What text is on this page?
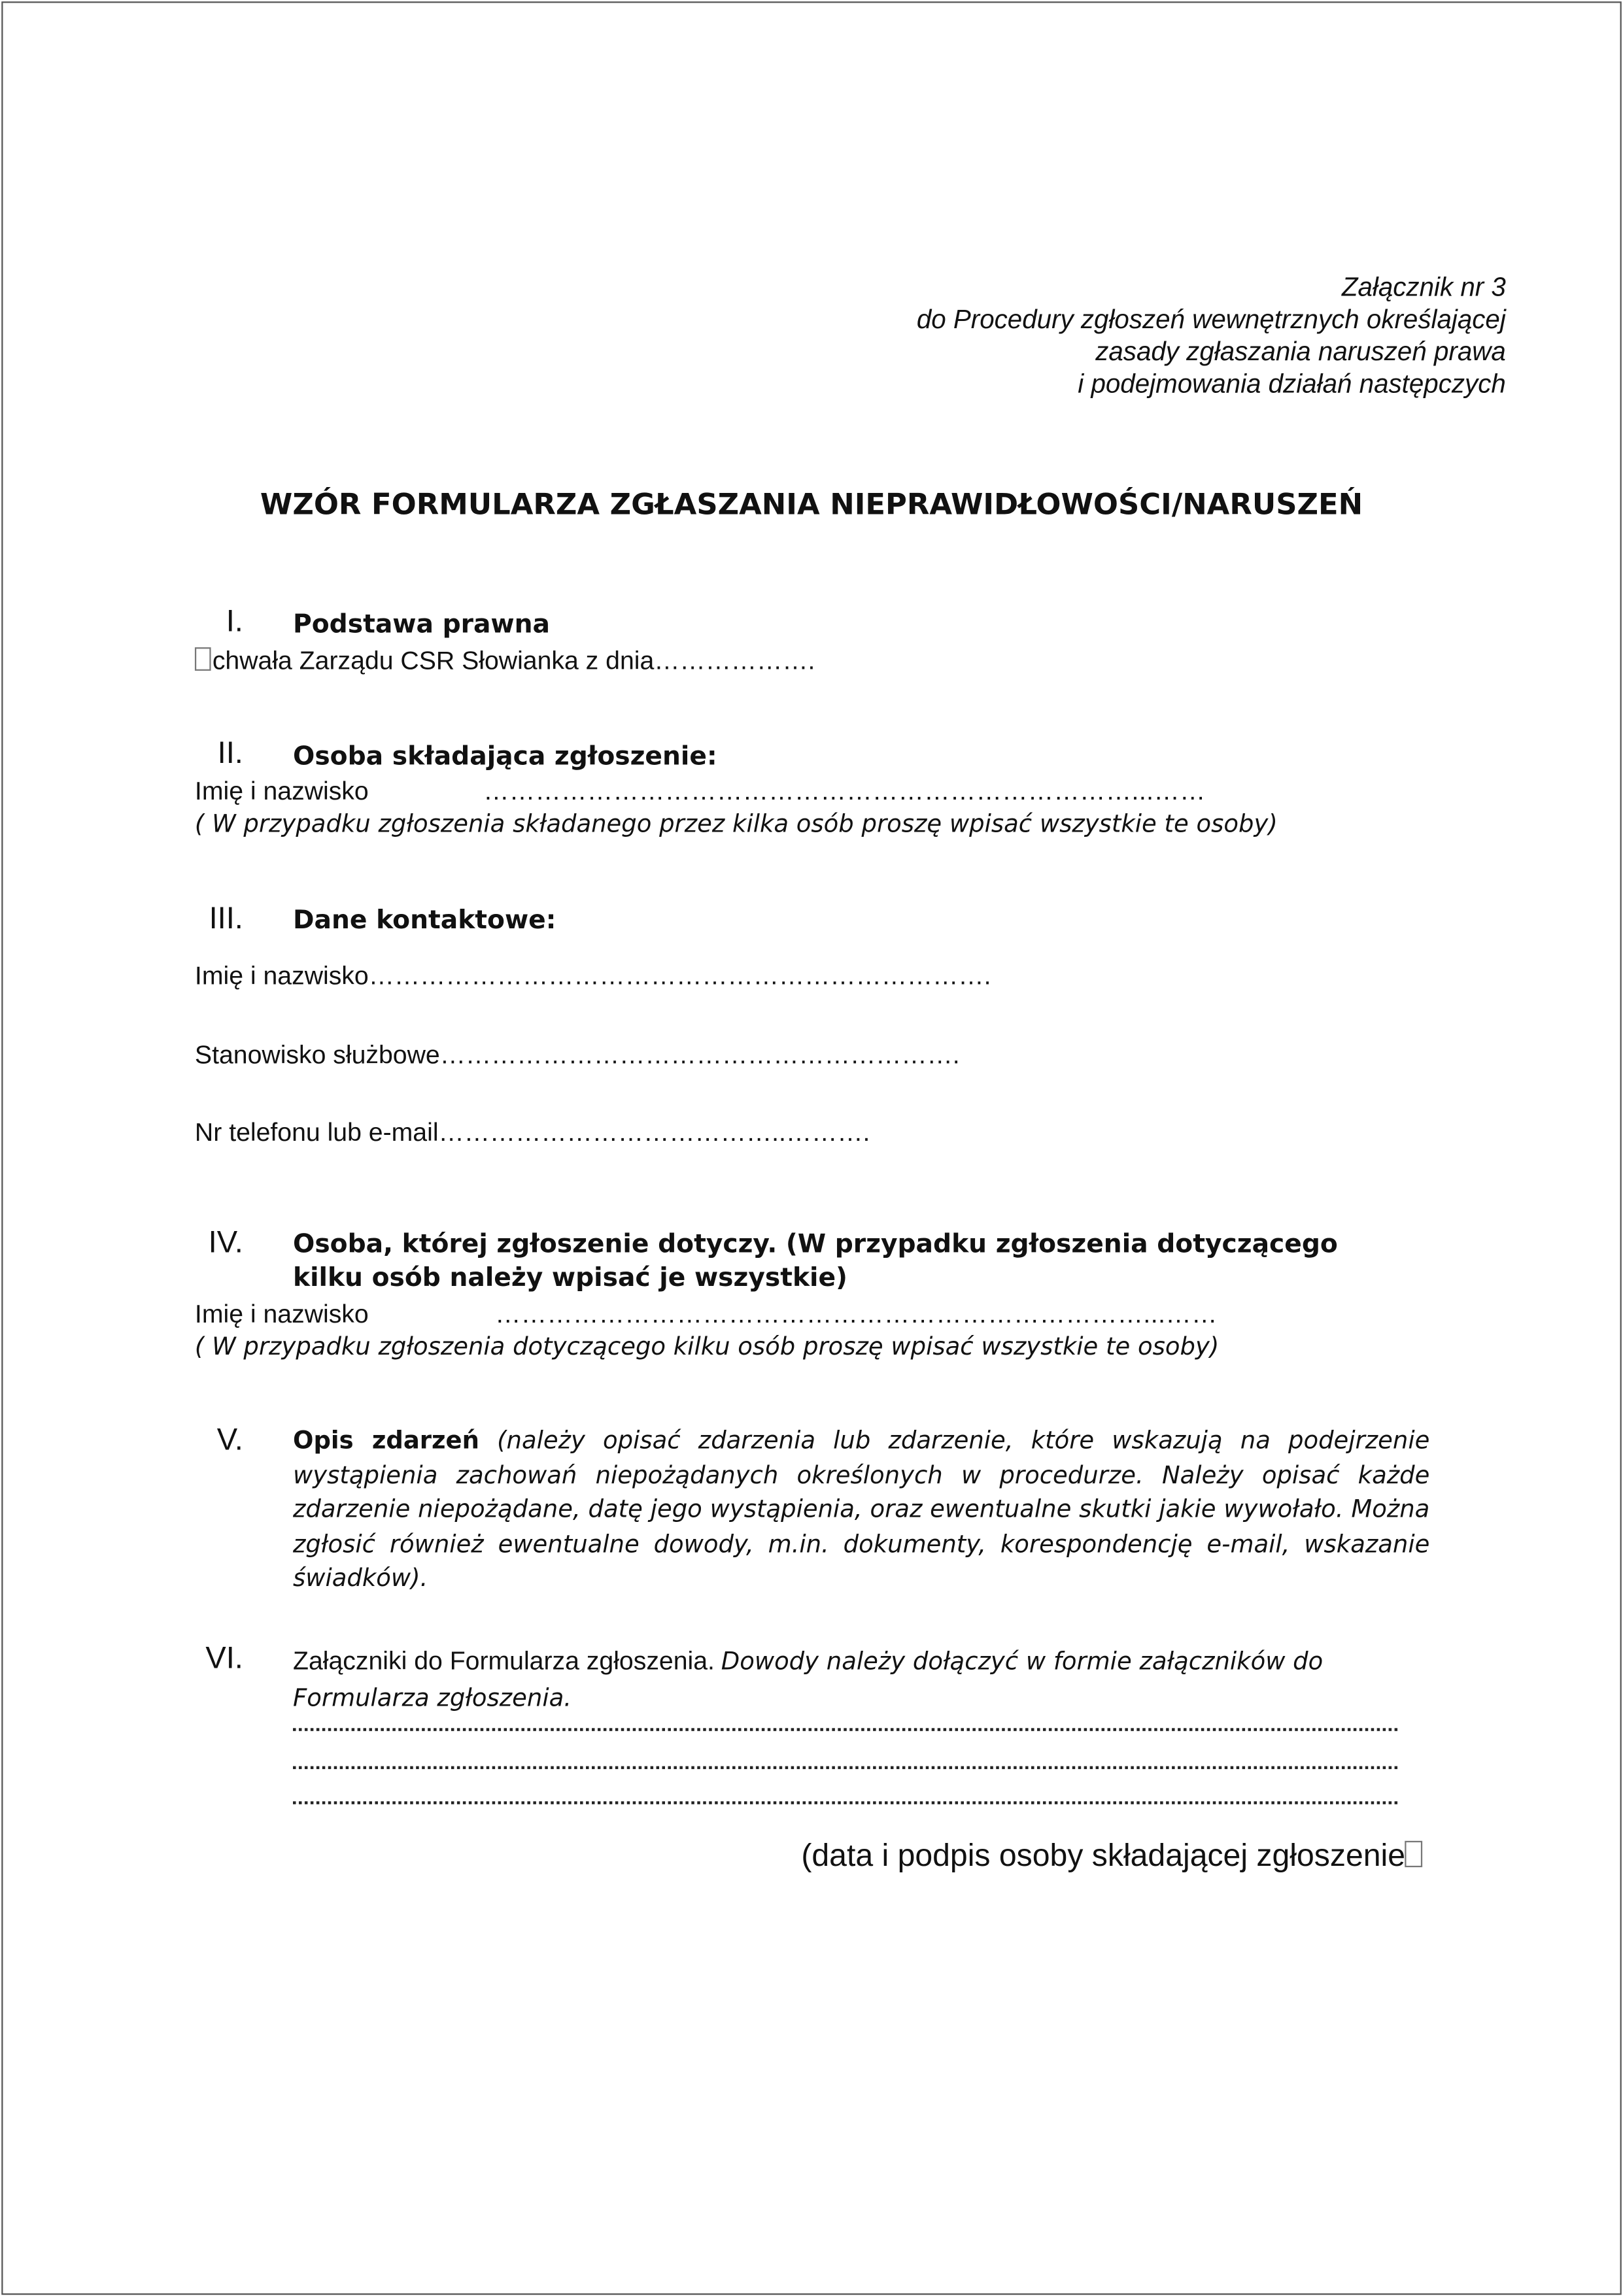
Załącznik nr 3
do Procedury zgłoszeń wewnętrznych określającej
zasady zgłaszania naruszeń prawa
i podejmowania działań następczych
WZÓR FORMULARZA ZGŁASZANIA NIEPRAWIDŁOWOŚCI/NARUSZEŃ
I.	Podstawa prawna
chwała Zarządu CSR Słowianka z dnia……………….
II.	Osoba składająca zgłoszenie:
Imię i nazwisko	…………………………………………………………………...……
( W przypadku zgłoszenia składanego przez kilka osób proszę wpisać wszystkie te osoby)
III.	Dane kontaktowe:
Imię i nazwisko……………………………………………………………….
Stanowisko służbowe…………………………………………………….
Nr telefonu lub e-mail…………………………………..……….
IV.	Osoba, której zgłoszenie dotyczy. (W przypadku zgłoszenia dotyczącego
kilku osób należy wpisać je wszystkie)
Imię i nazwisko	…………………………………………………………………...……
( W przypadku zgłoszenia dotyczącego kilku osób proszę wpisać wszystkie te osoby)
V.	Opis zdarzeń (należy opisać zdarzenia lub zdarzenie, które wskazują na podejrzenie wystąpienia zachowań niepożądanych określonych w procedurze. Należy opisać każde zdarzenie niepożądane, datę jego wystąpienia, oraz ewentualne skutki jakie wywołało. Można zgłosić również ewentualne dowody, m.in. dokumenty, korespondencję e-mail, wskazanie świadków).
VI.	Załączniki do Formularza zgłoszenia. Dowody należy dołączyć w formie załączników do Formularza zgłoszenia.
(data i podpis osoby składającej zgłoszenie
